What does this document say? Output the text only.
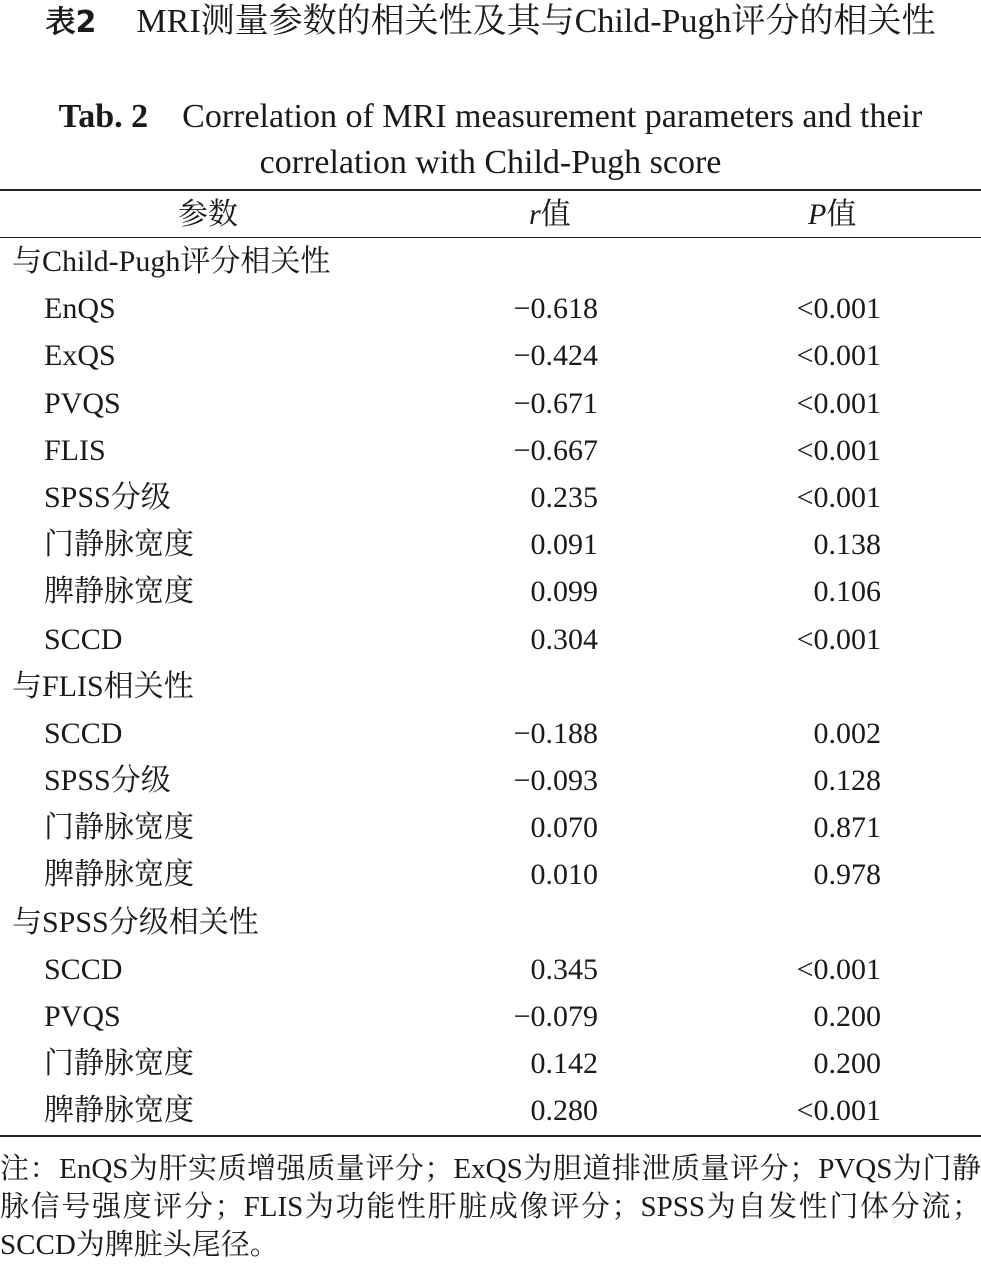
表2 MRI测量参数的相关性及其与Child-Pugh评分的相关性
Tab. 2 Correlation of MRI measurement parameters and their correlation with Child-Pugh score
参数	r值	P值
与Child-Pugh评分相关性
EnQS	−0.618	<0.001
ExQS	−0.424	<0.001
PVQS	−0.671	<0.001
FLIS	−0.667	<0.001
SPSS分级	0.235	<0.001
门静脉宽度	0.091	0.138
脾静脉宽度	0.099	0.106
SCCD	0.304	<0.001
与FLIS相关性
SCCD	−0.188	0.002
SPSS分级	−0.093	0.128
门静脉宽度	0.070	0.871
脾静脉宽度	0.010	0.978
与SPSS分级相关性
SCCD	0.345	<0.001
PVQS	−0.079	0.200
门静脉宽度	0.142	0.200
脾静脉宽度	0.280	<0.001
注：EnQS为肝实质增强质量评分；ExQS为胆道排泄质量评分；PVQS为门静脉信号强度评分；FLIS为功能性肝脏成像评分；SPSS为自发性门体分流；SCCD为脾脏头尾径。
